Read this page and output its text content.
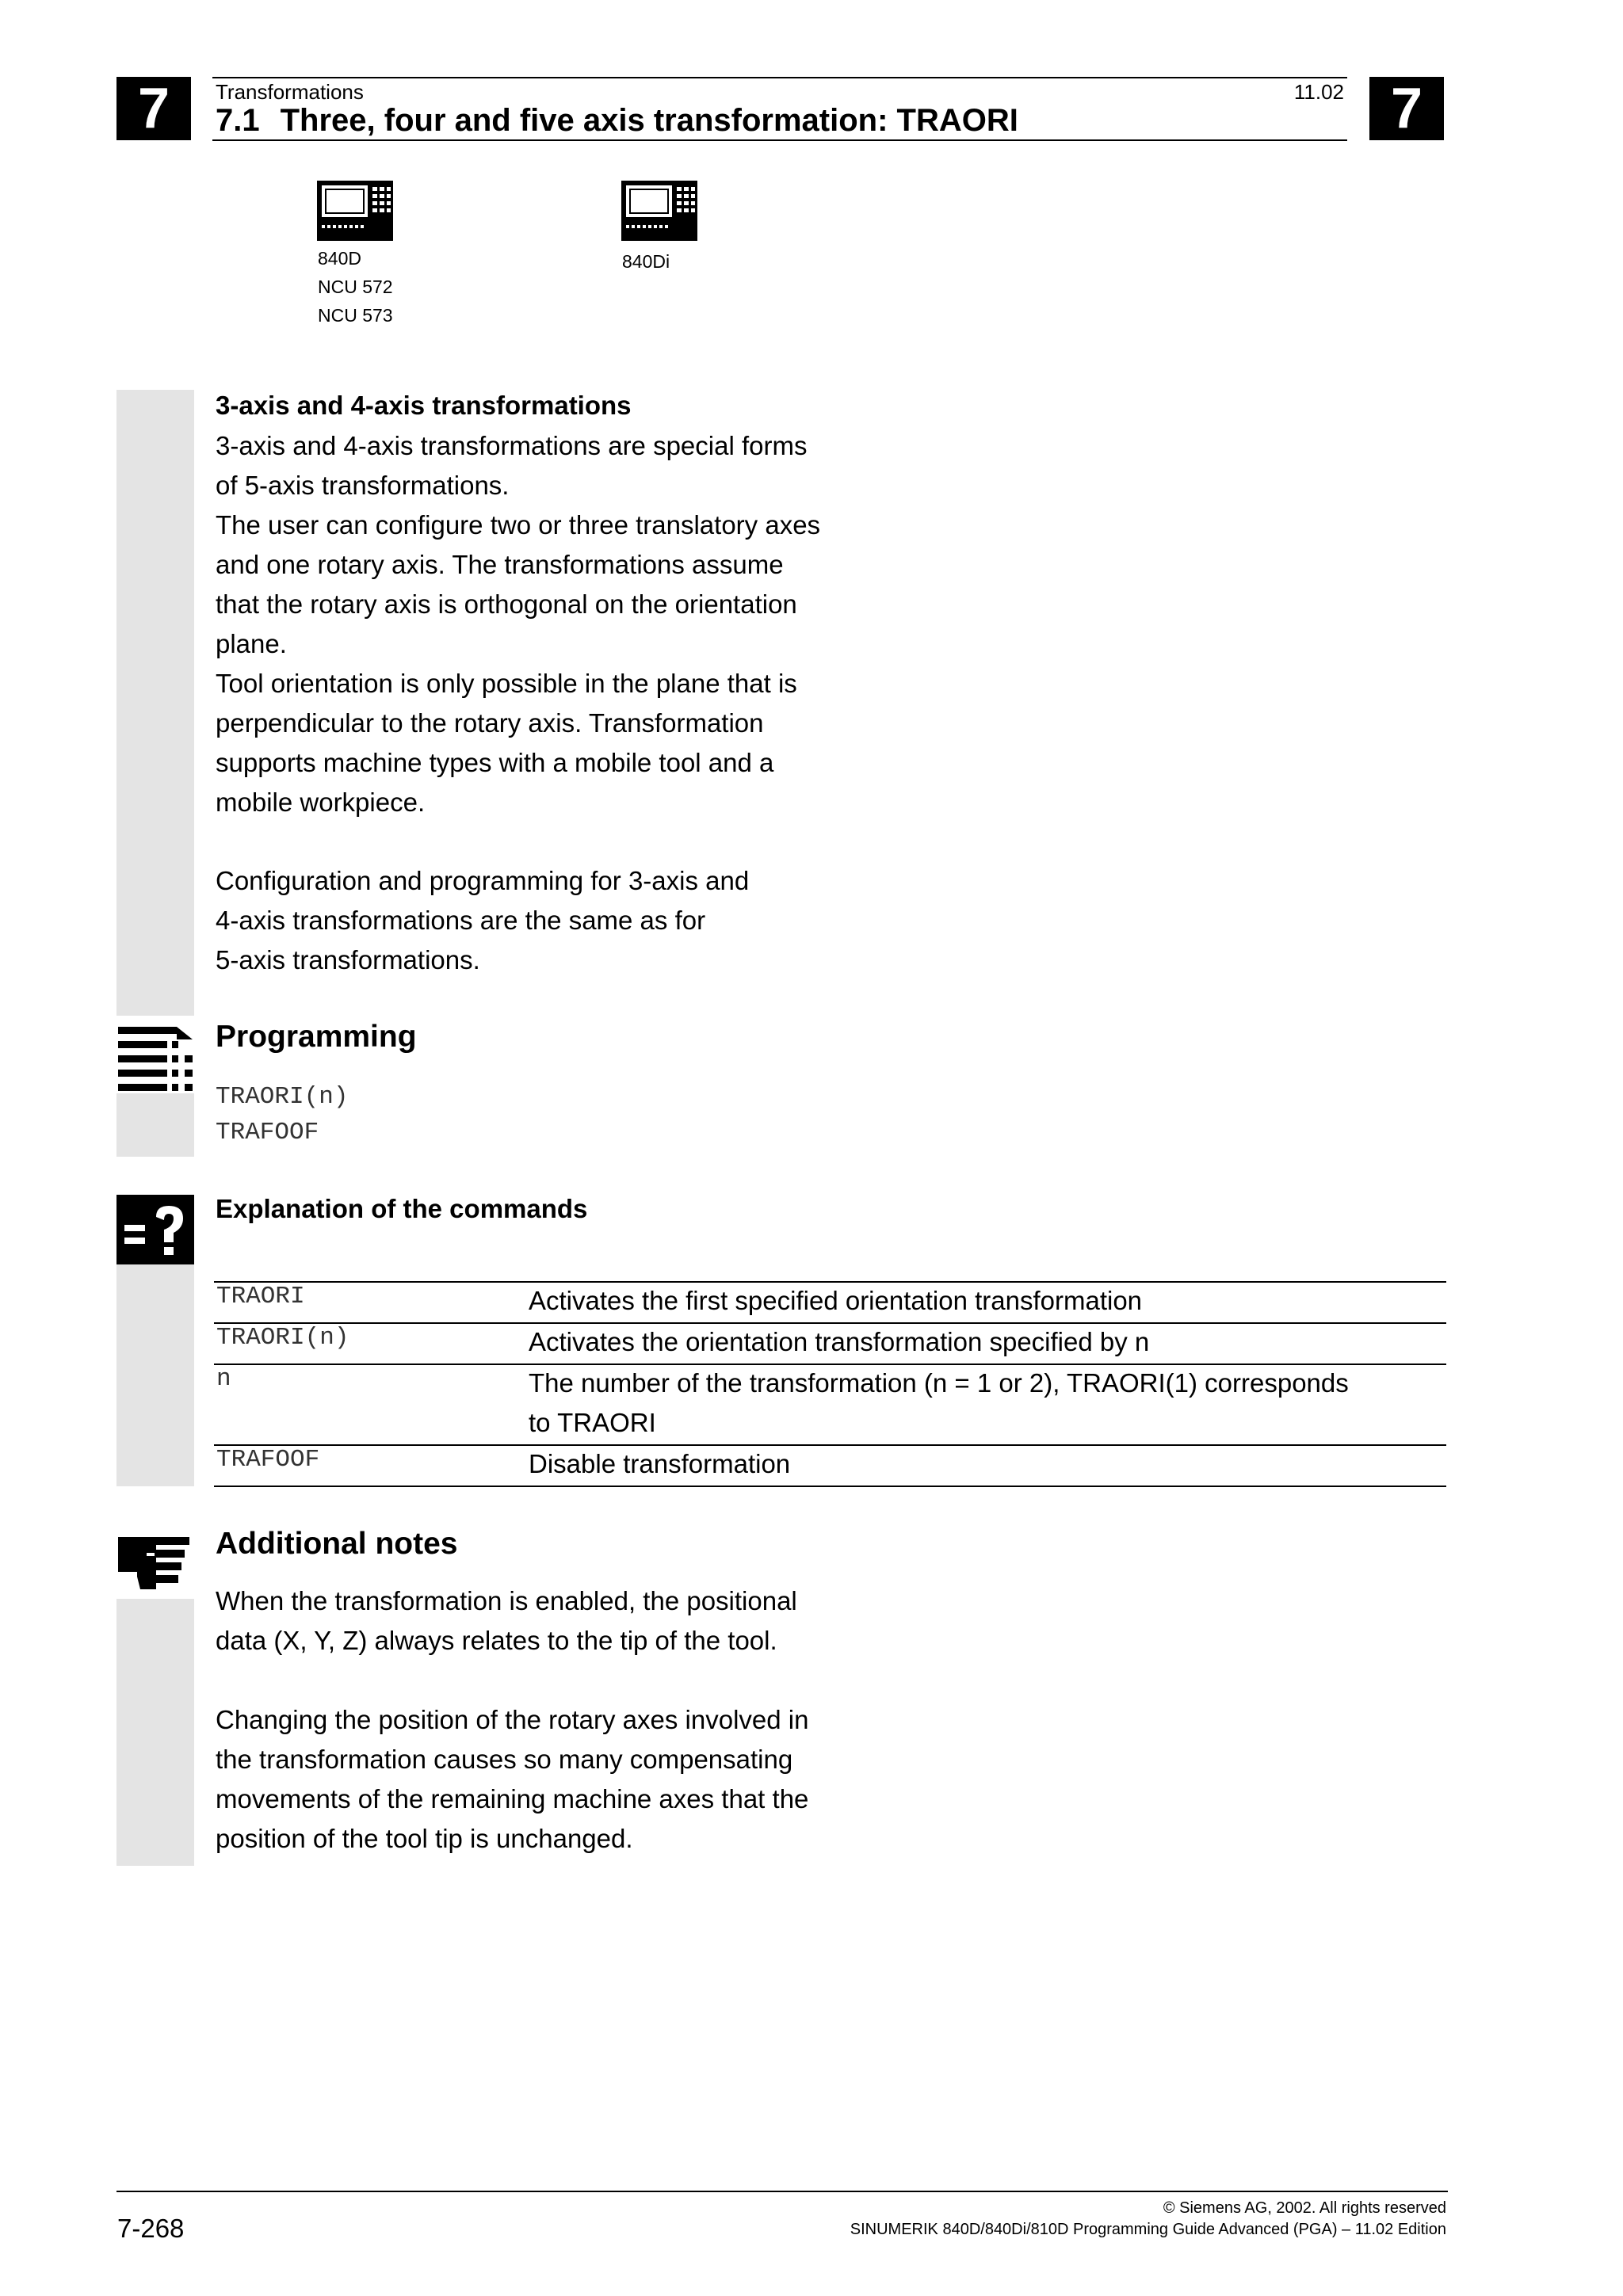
7	7
Transformations	11.02
7.1 Three, four and five axis transformation: TRAORI
840D
NCU 572
NCU 573
840Di
3-axis and 4-axis transformations
3-axis and 4-axis transformations are special forms
of 5-axis transformations.
The user can configure two or three translatory axes
and one rotary axis. The transformations assume
that the rotary axis is orthogonal on the orientation
plane.
Tool orientation is only possible in the plane that is
perpendicular to the rotary axis. Transformation
supports machine types with a mobile tool and a
mobile workpiece.
Configuration and programming for 3-axis and
4-axis transformations are the same as for
5-axis transformations.
Programming
TRAORI(n)
TRAFOOF
Explanation of the commands
TRAORI	Activates the first specified orientation transformation
TRAORI(n)	Activates the orientation transformation specified by n
n	The number of the transformation (n = 1 or 2), TRAORI(1) corresponds
to TRAORI
TRAFOOF	Disable transformation
Additional notes
When the transformation is enabled, the positional
data (X, Y, Z) always relates to the tip of the tool.
Changing the position of the rotary axes involved in
the transformation causes so many compensating
movements of the remaining machine axes that the
position of the tool tip is unchanged.
7-268
© Siemens AG, 2002. All rights reserved
SINUMERIK 840D/840Di/810D Programming Guide Advanced (PGA) – 11.02 Edition
